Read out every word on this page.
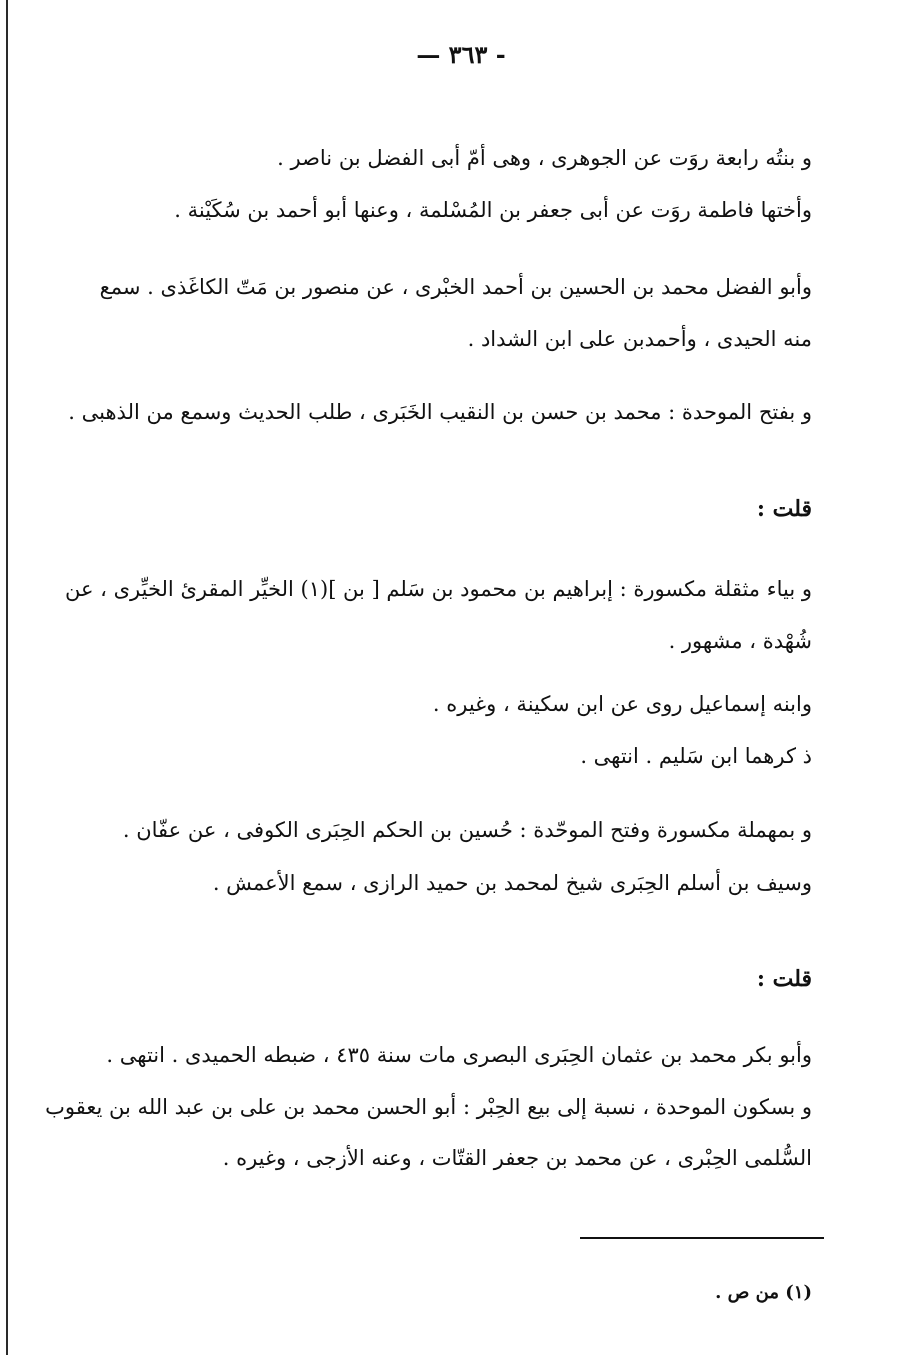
— ٣٦٣ -
و بنتُه رابعة روَت عن الجوهرى ، وهى أمّ أبى الفضل بن ناصر .
وأختها فاطمة روَت عن أبى جعفر بن المُسْلمة ، وعنها أبو أحمد بن سُكَيْنة .
وأبو الفضل محمد بن الحسين بن أحمد الخبْرى ، عن منصور بن مَتّ الكاغَذى . سمع
منه الحيدى ، وأحمدبن على ابن الشداد .
و بفتح الموحدة : محمد بن حسن بن النقيب الخَبَرى ، طلب الحديث وسمع من الذهبى .
قلت :
و بياء مثقلة مكسورة : إبراهيم بن محمود بن سَلم [ بن ](١) الخيِّر المقرئ الخيِّرى ، عن
شُهْدة ، مشهور .
وابنه إسماعيل روى عن ابن سكينة ، وغيره .
ذ كرهما ابن سَليم . انتهى .
و بمهملة مكسورة وفتح الموحّدة : حُسين بن الحكم الحِبَرى الكوفى ، عن عفّان .
وسيف بن أسلم الحِبَرى شيخ لمحمد بن حميد الرازى ، سمع الأعمش .
قلت :
وأبو بكر محمد بن عثمان الحِبَرى البصرى مات سنة ٤٣٥ ، ضبطه الحميدى . انتهى .
و بسكون الموحدة ، نسبة إلى بيع الحِبْر : أبو الحسن محمد بن على بن عبد الله بن يعقوب
السُّلمى الحِبْرى ، عن محمد بن جعفر القتّات ، وعنه الأزجى ، وغيره .
(١) من ص .
